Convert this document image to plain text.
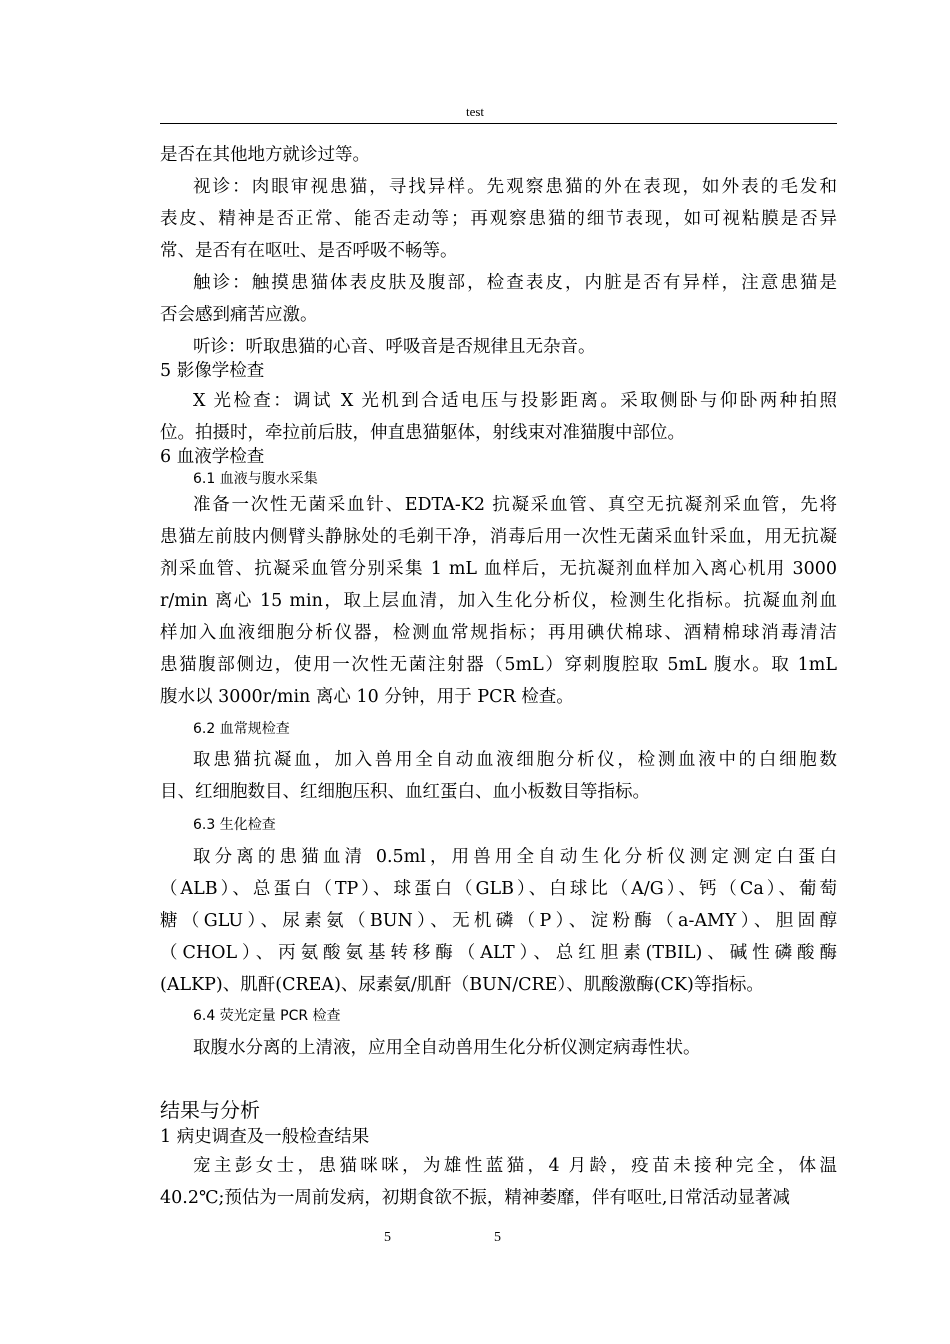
test
是否在其他地方就诊过等。
视诊：肉眼审视患猫，寻找异样。先观察患猫的外在表现，如外表的毛发和
表皮、精神是否正常、能否走动等；再观察患猫的细节表现，如可视粘膜是否异
常、是否有在呕吐、是否呼吸不畅等。
触诊：触摸患猫体表皮肤及腹部，检查表皮，内脏是否有异样，注意患猫是
否会感到痛苦应激。
听诊：听取患猫的心音、呼吸音是否规律且无杂音。
5 影像学检查
X 光检查：调试 X 光机到合适电压与投影距离。采取侧卧与仰卧两种拍照
位。拍摄时，牵拉前后肢，伸直患猫躯体，射线束对准猫腹中部位。
6 血液学检查
6.1 血液与腹水采集
准备一次性无菌采血针、EDTA-K2 抗凝采血管、真空无抗凝剂采血管，先将
患猫左前肢内侧臂头静脉处的毛剃干净，消毒后用一次性无菌采血针采血，用无抗凝
剂采血管、抗凝采血管分别采集 1 mL 血样后，无抗凝剂血样加入离心机用 3000
r/min 离心 15 min，取上层血清，加入生化分析仪，检测生化指标。抗凝血剂血
样加入血液细胞分析仪器，检测血常规指标；再用碘伏棉球、酒精棉球消毒清洁
患猫腹部侧边，使用一次性无菌注射器（5mL）穿刺腹腔取 5mL 腹水。取 1mL
腹水以 3000r/min 离心 10 分钟，用于 PCR 检查。
6.2 血常规检查
取患猫抗凝血，加入兽用全自动血液细胞分析仪，检测血液中的白细胞数
目、红细胞数目、红细胞压积、血红蛋白、血小板数目等指标。
6.3 生化检查
取分离的患猫血清 0.5ml，用兽用全自动生化分析仪测定测定白蛋白
（ALB）、总蛋白（TP）、球蛋白（GLB）、白球比（A/G）、钙（Ca）、葡萄
糖（GLU）、尿素氨（BUN）、无机磷（P）、淀粉酶（a-AMY）、胆固醇
（CHOL）、丙氨酸氨基转移酶（ALT）、总红胆素(TBIL)、碱性磷酸酶
(ALKP)、肌酐(CREA)、尿素氨/肌酐（BUN/CRE）、肌酸激酶(CK)等指标。
6.4 荧光定量 PCR 检查
取腹水分离的上清液，应用全自动兽用生化分析仪测定病毒性状。
结果与分析
1 病史调查及一般检查结果
宠主彭女士，患猫咪咪，为雄性蓝猫，4 月龄，疫苗未接种完全，体温
40.2℃;预估为一周前发病，初期食欲不振，精神萎靡，伴有呕吐,日常活动显著减
5	5
